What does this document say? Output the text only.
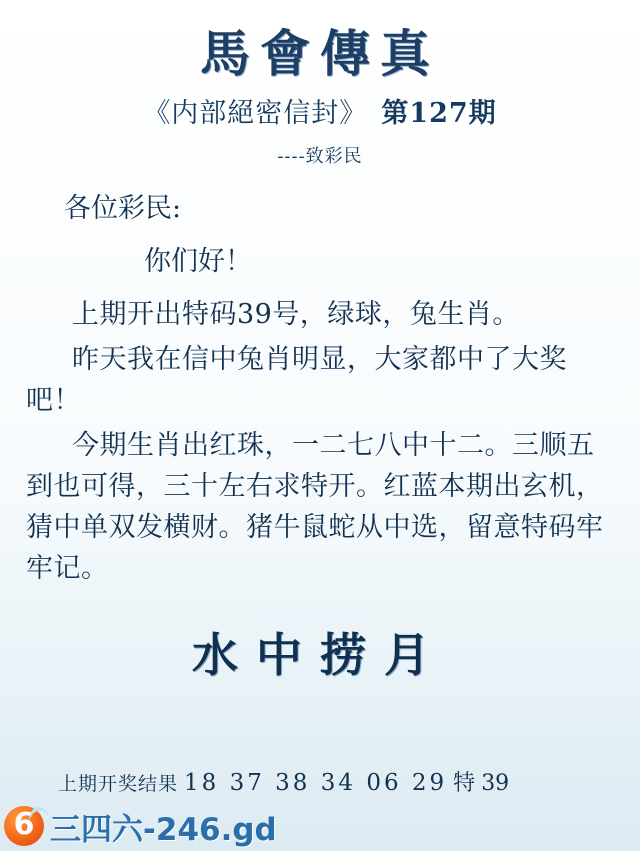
馬會傳真
《内部絕密信封》 第127期
----致彩民
各位彩民:
你们好！
上期开出特码39号，绿球，兔生肖。
昨天我在信中兔肖明显，大家都中了大奖吧！
今期生肖出红珠，一二七八中十二。三顺五到也可得，三十左右求特开。红蓝本期出玄机，猜中单双发横财。猪牛鼠蛇从中选，留意特码牢牢记。
水中捞月
上期开奖结果 18 37 38 34 06 29 特 39
6 三四六-246.gd
